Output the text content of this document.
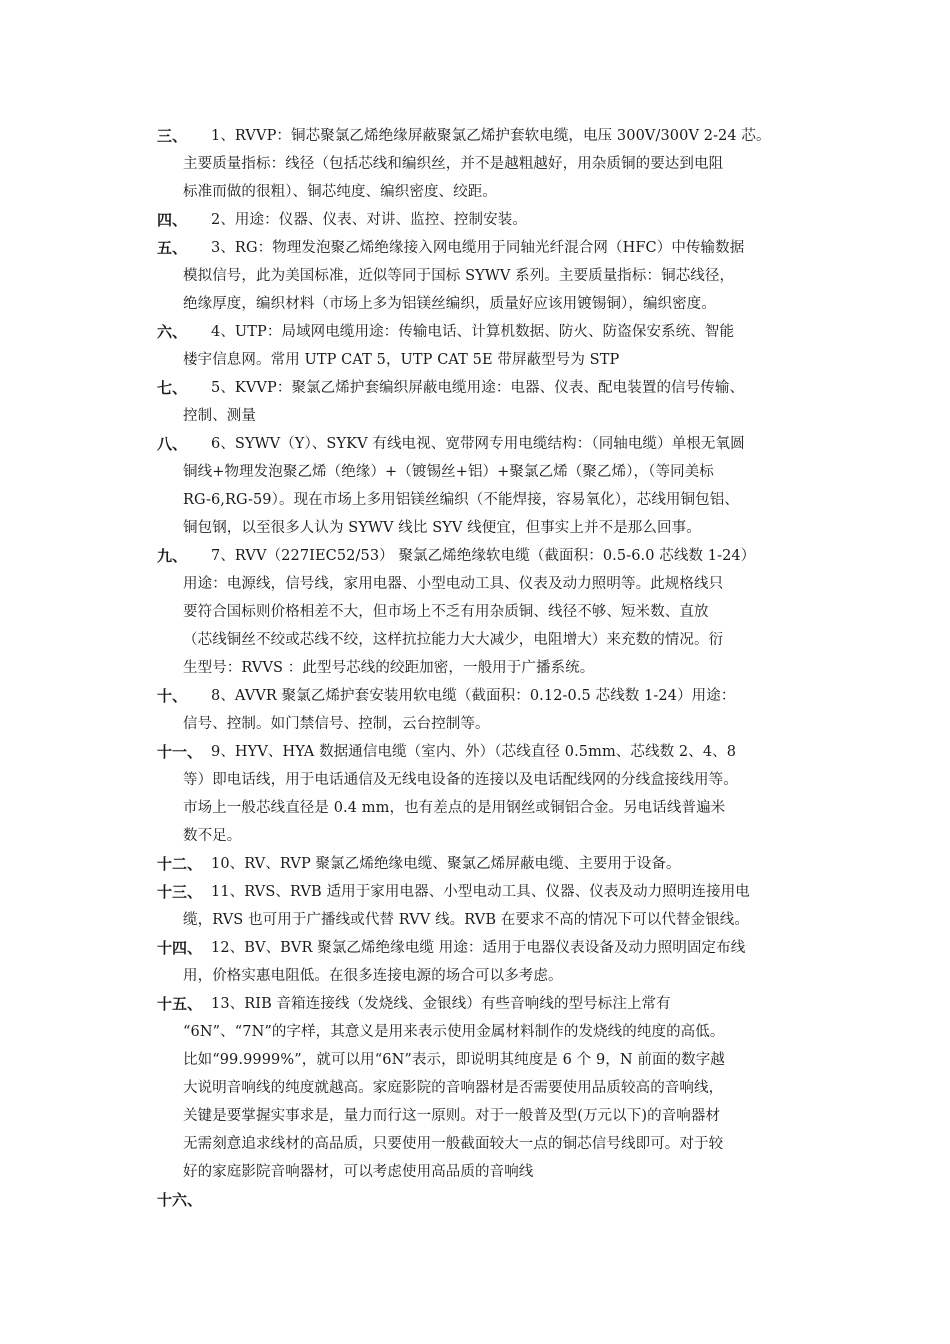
三、	1、RVVP：铜芯聚氯乙烯绝缘屏蔽聚氯乙烯护套软电缆，电压 300V/300V 2-24 芯。
主要质量指标：线径（包括芯线和编织丝，并不是越粗越好，用杂质铜的要达到电阻
标准而做的很粗）、铜芯纯度、编织密度、绞距。
四、	2、用途：仪器、仪表、对讲、监控、控制安装。
五、	3、RG：物理发泡聚乙烯绝缘接入网电缆用于同轴光纤混合网（HFC）中传输数据
模拟信号，此为美国标准，近似等同于国标 SYWV 系列。主要质量指标：铜芯线径，
绝缘厚度，编织材料（市场上多为铝镁丝编织，质量好应该用镀锡铜），编织密度。
六、	4、UTP：局域网电缆用途：传输电话、计算机数据、防火、防盗保安系统、智能
楼宇信息网。常用 UTP CAT 5，UTP CAT 5E 带屏蔽型号为 STP
七、	5、KVVP：聚氯乙烯护套编织屏蔽电缆用途：电器、仪表、配电装置的信号传输、
控制、测量
八、	6、SYWV（Y）、SYKV 有线电视、宽带网专用电缆结构：（同轴电缆）单根无氧圆
铜线+物理发泡聚乙烯（绝缘）+（镀锡丝+铝）+聚氯乙烯（聚乙烯），（等同美标
RG-6,RG-59）。现在市场上多用铝镁丝编织（不能焊接，容易氧化），芯线用铜包铝、
铜包钢，以至很多人认为 SYWV 线比 SYV 线便宜，但事实上并不是那么回事。
九、	7、RVV（227IEC52/53） 聚氯乙烯绝缘软电缆（截面积：0.5-6.0 芯线数 1-24）
用途：电源线，信号线，家用电器、小型电动工具、仪表及动力照明等。此规格线只
要符合国标则价格相差不大，但市场上不乏有用杂质铜、线径不够、短米数、直放
（芯线铜丝不绞或芯线不绞，这样抗拉能力大大减少，电阻增大）来充数的情况。衍
生型号：RVVS ：此型号芯线的绞距加密，一般用于广播系统。
十、	8、AVVR 聚氯乙烯护套安装用软电缆（截面积：0.12-0.5 芯线数 1-24）用途：
信号、控制。如门禁信号、控制，云台控制等。
十一、 9、HYV、HYA 数据通信电缆（室内、外）（芯线直径 0.5mm、芯线数 2、4、8
等）即电话线，用于电话通信及无线电设备的连接以及电话配线网的分线盒接线用等。
市场上一般芯线直径是 0.4 mm，也有差点的是用钢丝或铜铝合金。另电话线普遍米
数不足。
十二、 10、RV、RVP 聚氯乙烯绝缘电缆、聚氯乙烯屏蔽电缆、主要用于设备。
十三、 11、RVS、RVB 适用于家用电器、小型电动工具、仪器、仪表及动力照明连接用电
缆，RVS 也可用于广播线或代替 RVV 线。RVB 在要求不高的情况下可以代替金银线。
十四、 12、BV、BVR 聚氯乙烯绝缘电缆 用途：适用于电器仪表设备及动力照明固定布线
用，价格实惠电阻低。在很多连接电源的场合可以多考虑。
十五、 13、RIB 音箱连接线（发烧线、金银线）有些音响线的型号标注上常有
“6N”、“7N”的字样，其意义是用来表示使用金属材料制作的发烧线的纯度的高低。
比如“99.9999%”，就可以用“6N”表示，即说明其纯度是 6 个 9，N 前面的数字越
大说明音响线的纯度就越高。家庭影院的音响器材是否需要使用品质较高的音响线，
关键是要掌握实事求是，量力而行这一原则。对于一般普及型(万元以下)的音响器材
无需刻意追求线材的高品质，只要使用一般截面较大一点的铜芯信号线即可。对于较
好的家庭影院音响器材，可以考虑使用高品质的音响线
十六、
